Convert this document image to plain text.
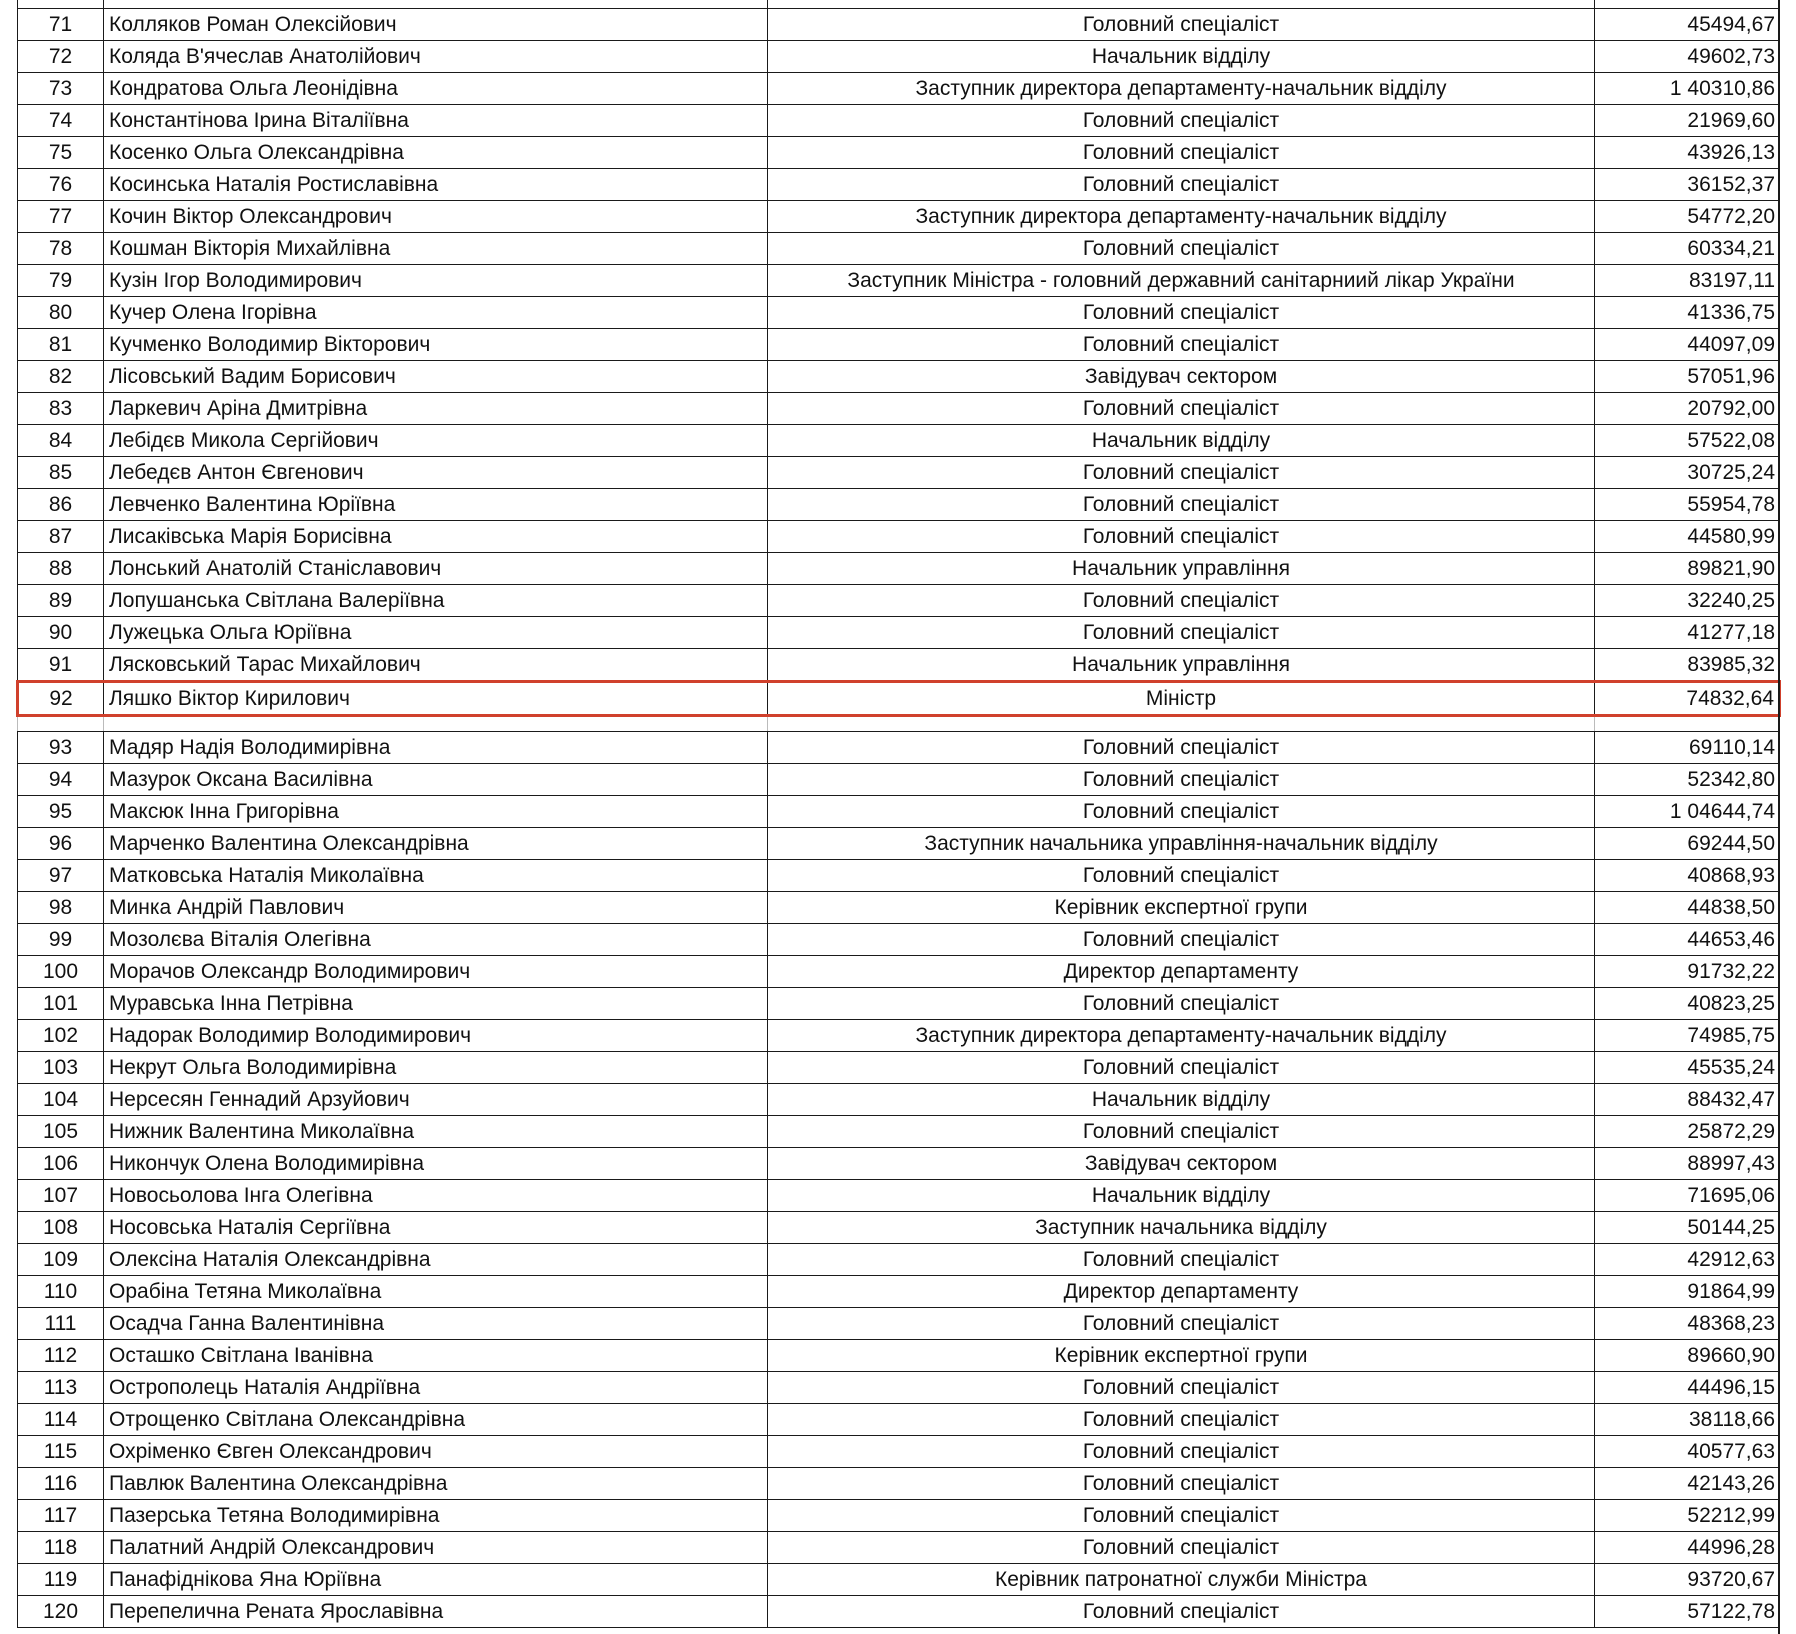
71	Колляков Роман Олексійович	Головний спеціаліст	45494,67
72	Коляда В'ячеслав Анатолійович	Начальник відділу	49602,73
73	Кондратова Ольга Леонідівна	Заступник директора департаменту-начальник відділу	1 40310,86
74	Константінова Ірина Віталіївна	Головний спеціаліст	21969,60
75	Косенко Ольга Олександрівна	Головний спеціаліст	43926,13
76	Косинська Наталія Ростиславівна	Головний спеціаліст	36152,37
77	Кочин Віктор Олександрович	Заступник директора департаменту-начальник відділу	54772,20
78	Кошман Вікторія Михайлівна	Головний спеціаліст	60334,21
79	Кузін Ігор Володимирович	Заступник Міністра - головний державний санітарниий лікар України	83197,11
80	Кучер Олена Ігорівна	Головний спеціаліст	41336,75
81	Кучменко Володимир Вікторович	Головний спеціаліст	44097,09
82	Лісовський Вадим Борисович	Завідувач сектором	57051,96
83	Ларкевич Аріна Дмитрівна	Головний спеціаліст	20792,00
84	Лебідєв Микола Сергійович	Начальник відділу	57522,08
85	Лебедєв Антон Євгенович	Головний спеціаліст	30725,24
86	Левченко Валентина Юріївна	Головний спеціаліст	55954,78
87	Лисаківська Марія Борисівна	Головний спеціаліст	44580,99
88	Лонський Анатолій Станіславович	Начальник управління	89821,90
89	Лопушанська Світлана Валеріївна	Головний спеціаліст	32240,25
90	Лужецька Ольга Юріївна	Головний спеціаліст	41277,18
91	Лясковський Тарас Михайлович	Начальник управління	83985,32
92	Ляшко Віктор Кирилович	Міністр	74832,64

93	Мадяр Надія Володимирівна	Головний спеціаліст	69110,14
94	Мазурок Оксана Василівна	Головний спеціаліст	52342,80
95	Максюк Інна Григорівна	Головний спеціаліст	1 04644,74
96	Марченко Валентина Олександрівна	Заступник начальника управління-начальник відділу	69244,50
97	Матковська Наталія Миколаївна	Головний спеціаліст	40868,93
98	Минка Андрій Павлович	Керівник експертної групи	44838,50
99	Мозолєва Віталія Олегівна	Головний спеціаліст	44653,46
100	Морачов Олександр Володимирович	Директор департаменту	91732,22
101	Муравська Інна Петрівна	Головний спеціаліст	40823,25
102	Надорак Володимир Володимирович	Заступник директора департаменту-начальник відділу	74985,75
103	Некрут Ольга Володимирівна	Головний спеціаліст	45535,24
104	Нерсесян Геннадий Арзуйович	Начальник відділу	88432,47
105	Нижник Валентина Миколаївна	Головний спеціаліст	25872,29
106	Никончук Олена Володимирівна	Завідувач сектором	88997,43
107	Новосьолова Інга Олегівна	Начальник відділу	71695,06
108	Носовська Наталія Сергіївна	Заступник начальника відділу	50144,25
109	Олексіна Наталія Олександрівна	Головний спеціаліст	42912,63
110	Орабіна Тетяна Миколаївна	Директор департаменту	91864,99
111	Осадча Ганна Валентинівна	Головний спеціаліст	48368,23
112	Осташко Світлана Іванівна	Керівник експертної групи	89660,90
113	Острополець Наталія Андріївна	Головний спеціаліст	44496,15
114	Отрощенко Світлана Олександрівна	Головний спеціаліст	38118,66
115	Охріменко Євген Олександрович	Головний спеціаліст	40577,63
116	Павлюк Валентина Олександрівна	Головний спеціаліст	42143,26
117	Пазерська Тетяна Володимирівна	Головний спеціаліст	52212,99
118	Палатний Андрій Олександрович	Головний спеціаліст	44996,28
119	Панафіднікова Яна Юріївна	Керівник патронатної служби Міністра	93720,67
120	Перепелична Рената Ярославівна	Головний спеціаліст	57122,78
